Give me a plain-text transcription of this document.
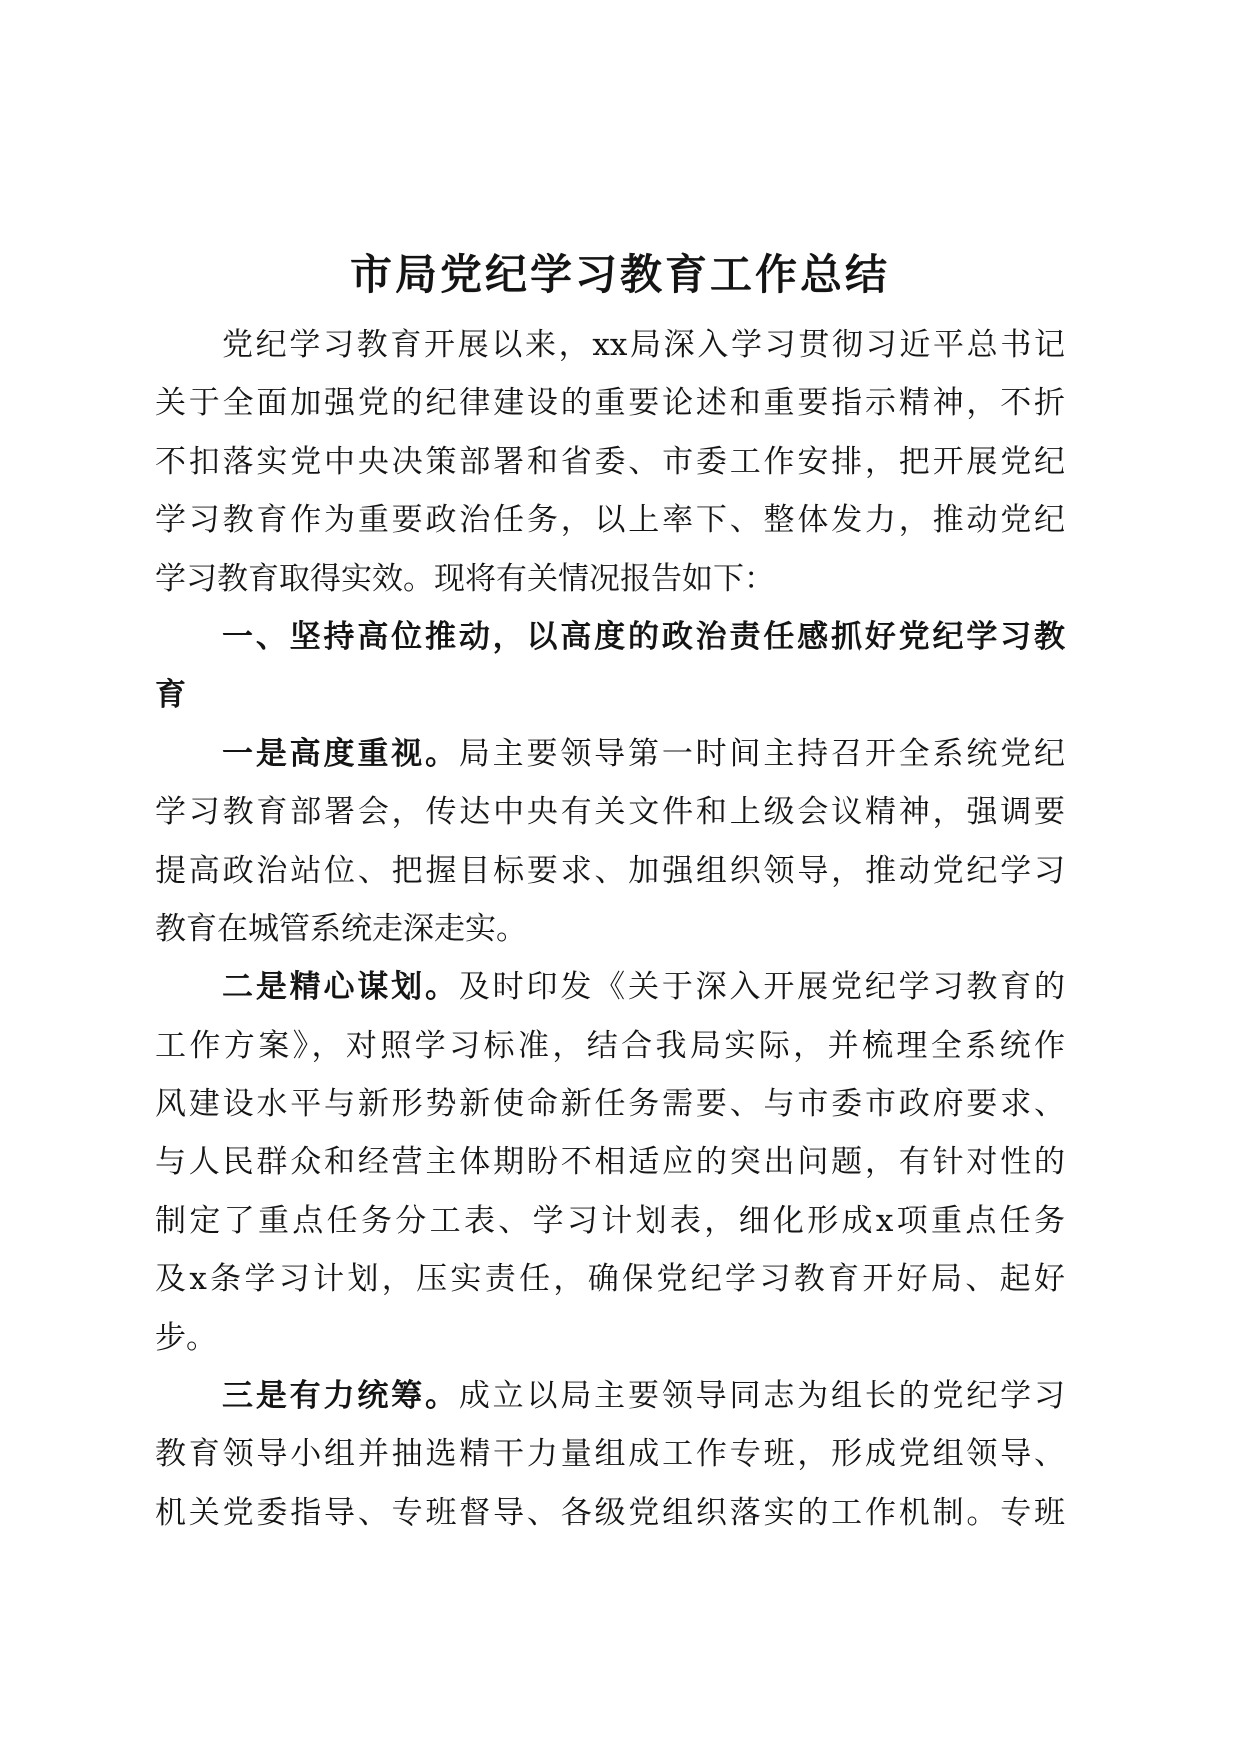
市局党纪学习教育工作总结
党纪学习教育开展以来，xx局深入学习贯彻习近平总书记
关于全面加强党的纪律建设的重要论述和重要指示精神，不折
不扣落实党中央决策部署和省委、市委工作安排，把开展党纪
学习教育作为重要政治任务，以上率下、整体发力，推动党纪
学习教育取得实效。现将有关情况报告如下：
一、坚持高位推动，以高度的政治责任感抓好党纪学习教
育
一是高度重视。局主要领导第一时间主持召开全系统党纪
学习教育部署会，传达中央有关文件和上级会议精神，强调要
提高政治站位、把握目标要求、加强组织领导，推动党纪学习
教育在城管系统走深走实。
二是精心谋划。及时印发《关于深入开展党纪学习教育的
工作方案》，对照学习标准，结合我局实际，并梳理全系统作
风建设水平与新形势新使命新任务需要、与市委市政府要求、
与人民群众和经营主体期盼不相适应的突出问题，有针对性的
制定了重点任务分工表、学习计划表，细化形成x项重点任务
及x条学习计划，压实责任，确保党纪学习教育开好局、起好
步。
三是有力统筹。成立以局主要领导同志为组长的党纪学习
教育领导小组并抽选精干力量组成工作专班，形成党组领导、
机关党委指导、专班督导、各级党组织落实的工作机制。专班
